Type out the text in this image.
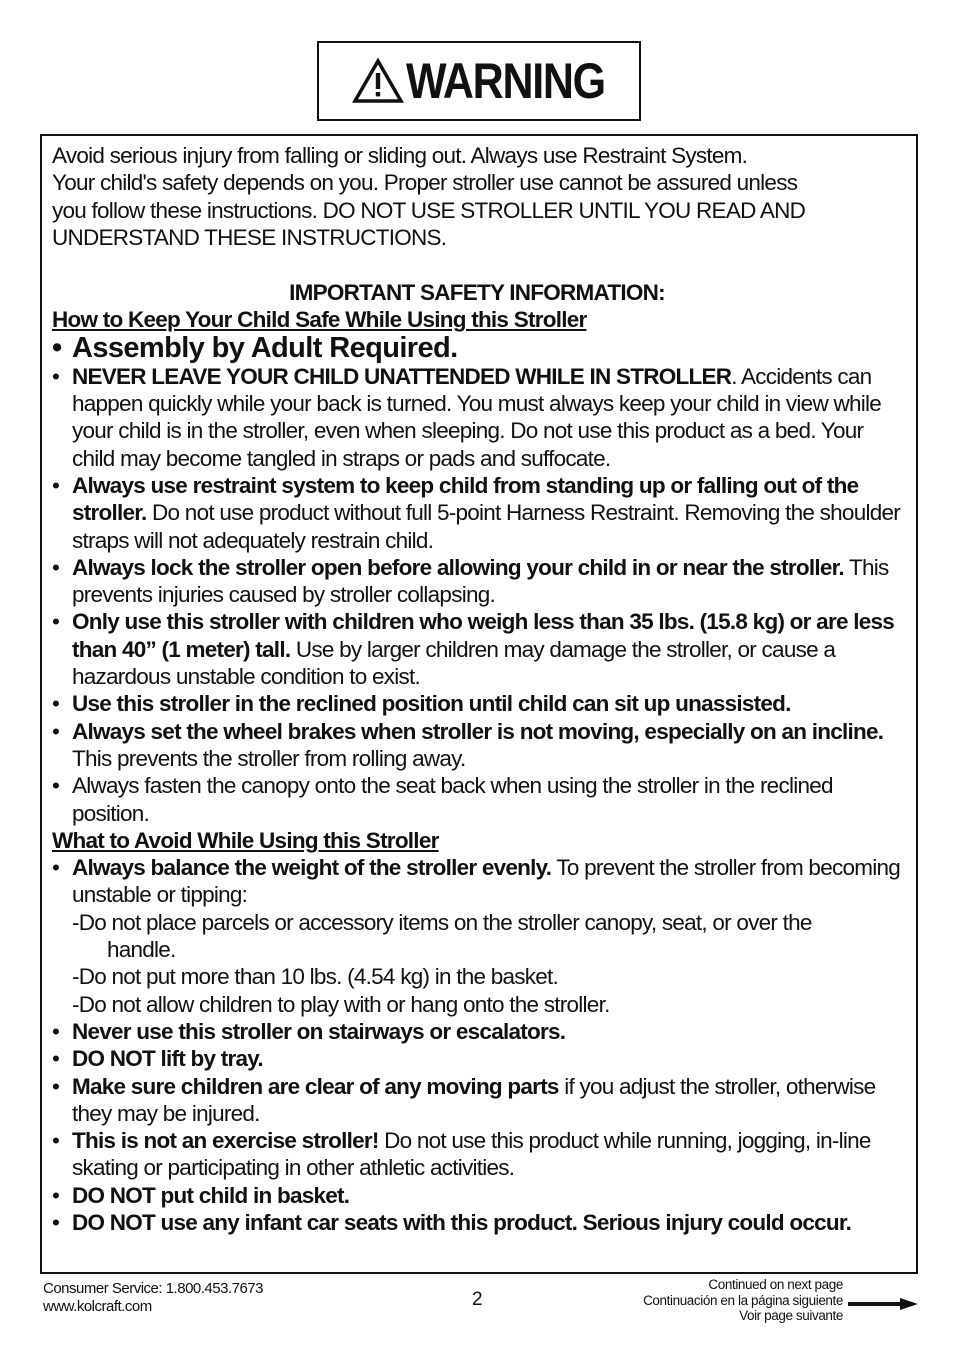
WARNING

Avoid serious injury from falling or sliding out. Always use Restraint System.

Your child's safety depends on you. Proper stroller use cannot be assured unless

you follow these instructions. DO NOT USE STROLLER UNTIL YOU READ AND

UNDERSTAND THESE INSTRUCTIONS.

IMPORTANT SAFETY INFORMATION:
How to Keep Your Child Safe While Using this Stroller
• Assembly by Adult Required.
• NEVER LEAVE YOUR CHILD UNATTENDED WHILE IN STROLLER. Accidents can happen quickly while your back is turned. You must always keep your child in view while your child is in the stroller, even when sleeping. Do not use this product as a bed. Your child may become tangled in straps or pads and suffocate.
• Always use restraint system to keep child from standing up or falling out of the stroller. Do not use product without full 5-point Harness Restraint. Removing the shoulder straps will not adequately restrain child.
• Always lock the stroller open before allowing your child in or near the stroller. This prevents injuries caused by stroller collapsing.
• Only use this stroller with children who weigh less than 35 lbs. (15.8 kg) or are less than 40” (1 meter) tall. Use by larger children may damage the stroller, or cause a hazardous unstable condition to exist.
• Use this stroller in the reclined position until child can sit up unassisted.
• Always set the wheel brakes when stroller is not moving, especially on an incline. This prevents the stroller from rolling away.
• Always fasten the canopy onto the seat back when using the stroller in the reclined position.
What to Avoid While Using this Stroller
• Always balance the weight of the stroller evenly. To prevent the stroller from becoming unstable or tipping:
-Do not place parcels or accessory items on the stroller canopy, seat, or over the
handle.
-Do not put more than 10 lbs. (4.54 kg) in the basket.
-Do not allow children to play with or hang onto the stroller.
• Never use this stroller on stairways or escalators.
• DO NOT lift by tray.
• Make sure children are clear of any moving parts if you adjust the stroller, otherwise they may be injured.
• This is not an exercise stroller! Do not use this product while running, jogging, in-line skating or participating in other athletic activities.
• DO NOT put child in basket.
• DO NOT use any infant car seats with this product. Serious injury could occur.
Consumer Service: 1.800.453.7673
www.kolcraft.com	2
Continued on next page
Continuación en la página siguiente
Voir page suivante
